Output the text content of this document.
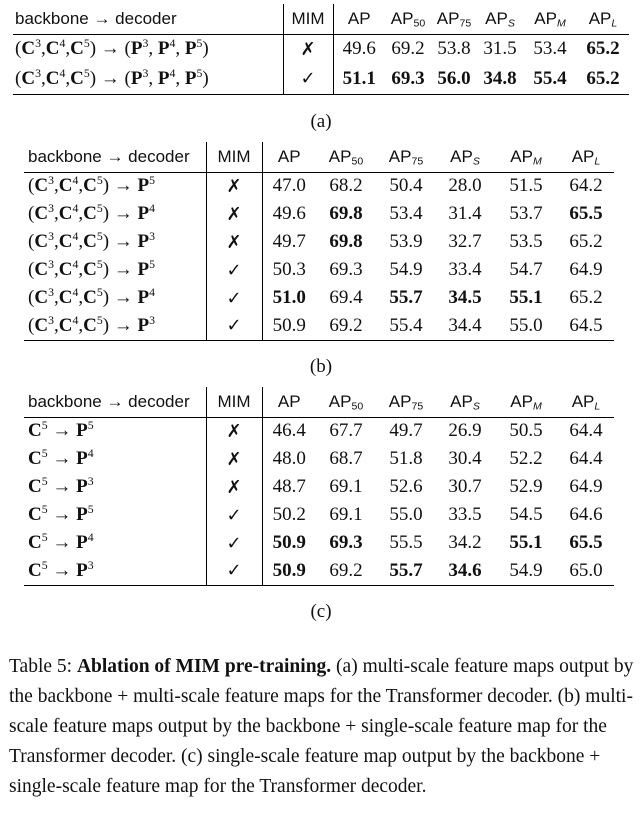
backbone → decoder	MIM	AP	$AP_{50}$	$AP_{75}$	$AP_S$	$AP_M$	$AP_L$
$(C^3,C^4,C^5) \to (P^3$, $P^4$, $P^5$)	✗	49.6	69.2	53.8	31.5	53.4	65.2
$(C^3,C^4,C^5) \to (P^3$, $P^4$, $P^5$)	✓	51.1	69.3	56.0	34.8	55.4	65.2
(a)
backbone → decoder	MIM	AP	$AP_{50}$	$AP_{75}$	$AP_S$	$AP_M$	$AP_L$
$(C^3,C^4,C^5) \to P^5$	✗	47.0	68.2	50.4	28.0	51.5	64.2
$(C^3,C^4,C^5) \to P^4$	✗	49.6	69.8	53.4	31.4	53.7	65.5
$(C^3,C^4,C^5) \to P^3$	✗	49.7	69.8	53.9	32.7	53.5	65.2
$(C^3,C^4,C^5) \to P^5$	✓	50.3	69.3	54.9	33.4	54.7	64.9
$(C^3,C^4,C^5) \to P^4$	✓	51.0	69.4	55.7	34.5	55.1	65.2
$(C^3,C^4,C^5) \to P^3$	✓	50.9	69.2	55.4	34.4	55.0	64.5
(b)
backbone → decoder	MIM	AP	$AP_{50}$	$AP_{75}$	$AP_S$	$AP_M$	$AP_L$
$C^5 \to P^5$	✗	46.4	67.7	49.7	26.9	50.5	64.4
$C^5 \to P^4$	✗	48.0	68.7	51.8	30.4	52.2	64.4
$C^5 \to P^3$	✗	48.7	69.1	52.6	30.7	52.9	64.9
$C^5 \to P^5$	✓	50.2	69.1	55.0	33.5	54.5	64.6
$C^5 \to P^4$	✓	50.9	69.3	55.5	34.2	55.1	65.5
$C^5 \to P^3$	✓	50.9	69.2	55.7	34.6	54.9	65.0
(c)
Table 5: Ablation of MIM pre-training. (a) multi-scale feature maps output by the backbone + multi-scale feature maps for the Transformer decoder. (b) multi-scale feature maps output by the backbone + single-scale feature map for the Transformer decoder. (c) single-scale feature map output by the backbone + single-scale feature map for the Transformer decoder.
